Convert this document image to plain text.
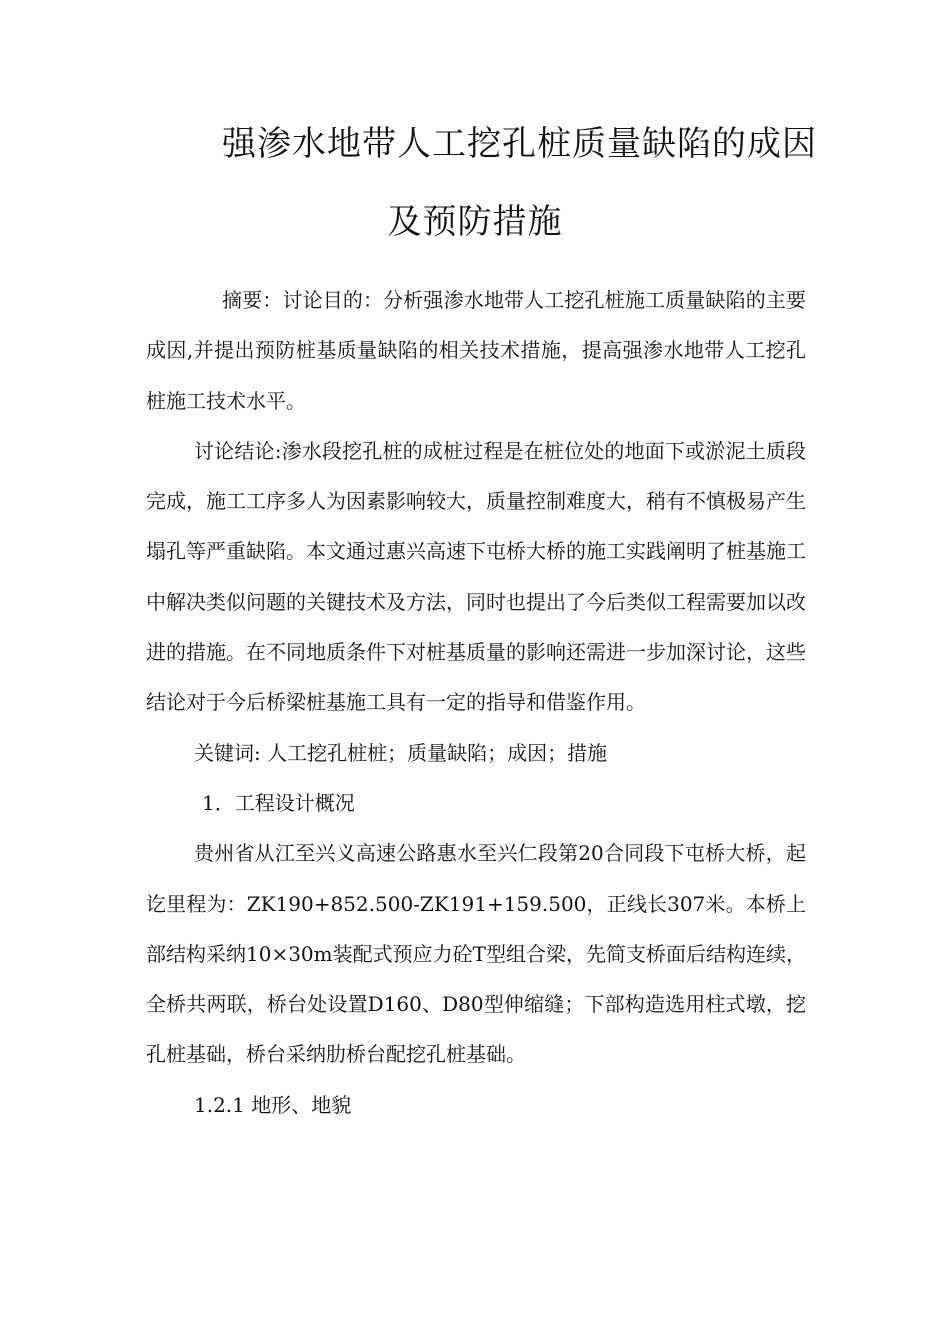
强渗水地带人工挖孔桩质量缺陷的成因
及预防措施

摘要：讨论目的：分析强渗水地带人工挖孔桩施工质量缺陷的主要成因,并提出预防桩基质量缺陷的相关技术措施，提高强渗水地带人工挖孔桩施工技术水平。

讨论结论:渗水段挖孔桩的成桩过程是在桩位处的地面下或淤泥土质段完成，施工工序多人为因素影响较大，质量控制难度大，稍有不慎极易产生塌孔等严重缺陷。本文通过惠兴高速下屯桥大桥的施工实践阐明了桩基施工中解决类似问题的关键技术及方法，同时也提出了今后类似工程需要加以改进的措施。在不同地质条件下对桩基质量的影响还需进一步加深讨论，这些结论对于今后桥梁桩基施工具有一定的指导和借鉴作用。

关键词: 人工挖孔桩桩；质量缺陷；成因；措施

1．工程设计概况

贵州省从江至兴义高速公路惠水至兴仁段第20合同段下屯桥大桥，起讫里程为：ZK190+852.500-ZK191+159.500，正线长307米。本桥上部结构采纳10×30m装配式预应力砼T型组合梁，先简支桥面后结构连续，全桥共两联，桥台处设置D160、D80型伸缩缝；下部构造选用柱式墩，挖孔桩基础，桥台采纳肋桥台配挖孔桩基础。

1.2.1 地形、地貌
